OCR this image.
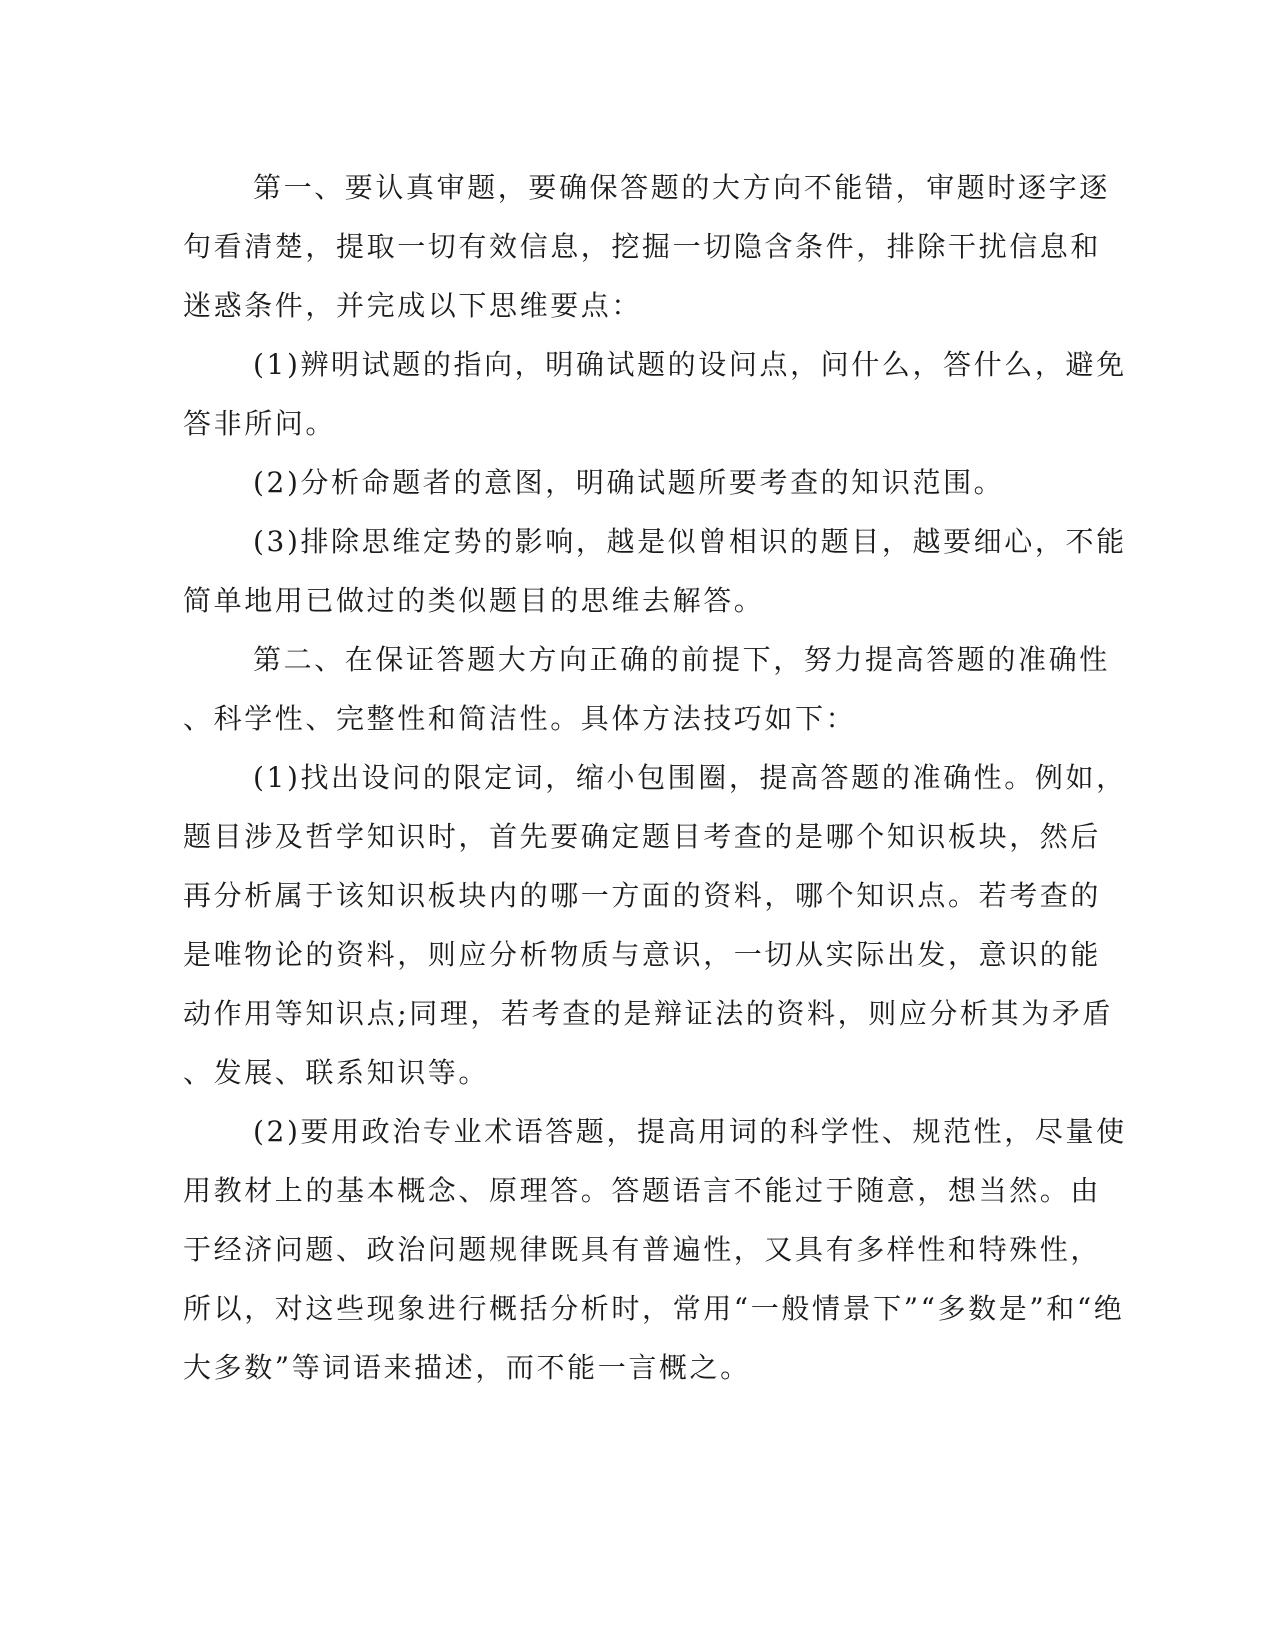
第一、要认真审题，要确保答题的大方向不能错，审题时逐字逐
句看清楚，提取一切有效信息，挖掘一切隐含条件，排除干扰信息和
迷惑条件，并完成以下思维要点：
(1)辨明试题的指向，明确试题的设问点，问什么，答什么，避免
答非所问。
(2)分析命题者的意图，明确试题所要考查的知识范围。
(3)排除思维定势的影响，越是似曾相识的题目，越要细心，不能
简单地用已做过的类似题目的思维去解答。
第二、在保证答题大方向正确的前提下，努力提高答题的准确性
、科学性、完整性和简洁性。具体方法技巧如下：
(1)找出设问的限定词，缩小包围圈，提高答题的准确性。例如，
题目涉及哲学知识时，首先要确定题目考查的是哪个知识板块，然后
再分析属于该知识板块内的哪一方面的资料，哪个知识点。若考查的
是唯物论的资料，则应分析物质与意识，一切从实际出发，意识的能
动作用等知识点;同理，若考查的是辩证法的资料，则应分析其为矛盾
、发展、联系知识等。
(2)要用政治专业术语答题，提高用词的科学性、规范性，尽量使
用教材上的基本概念、原理答。答题语言不能过于随意，想当然。由
于经济问题、政治问题规律既具有普遍性，又具有多样性和特殊性，
所以，对这些现象进行概括分析时，常用“一般情景下”“多数是”和“绝
大多数”等词语来描述，而不能一言概之。
